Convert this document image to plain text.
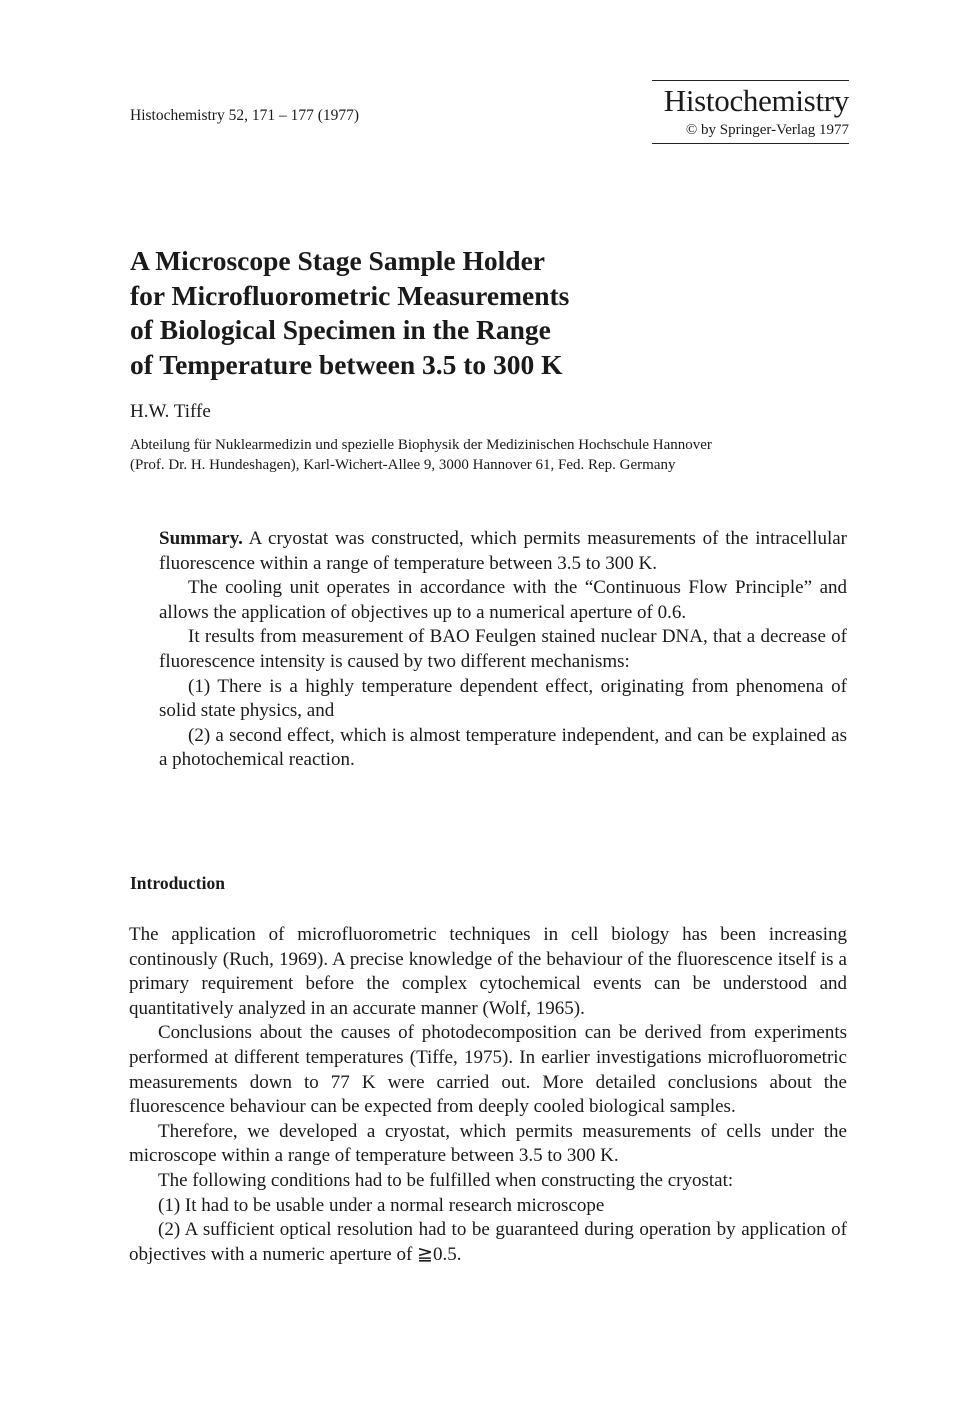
Histochemistry 52, 171 – 177 (1977)	Histochemistry
© by Springer-Verlag 1977
A Microscope Stage Sample Holder
for Microfluorometric Measurements
of Biological Specimen in the Range
of Temperature between 3.5 to 300 K
H.W. Tiffe
Abteilung für Nuklearmedizin und spezielle Biophysik der Medizinischen Hochschule Hannover
(Prof. Dr. H. Hundeshagen), Karl-Wichert-Allee 9, 3000 Hannover 61, Fed. Rep. Germany

Summary. A cryostat was constructed, which permits measurements of the intracellular fluorescence within a range of temperature between 3.5 to 300 K.

The cooling unit operates in accordance with the “Continuous Flow Principle” and allows the application of objectives up to a numerical aperture of 0.6.

It results from measurement of BAO Feulgen stained nuclear DNA, that a decrease of fluorescence intensity is caused by two different mechanisms:

(1) There is a highly temperature dependent effect, originating from phenomena of solid state physics, and

(2) a second effect, which is almost temperature independent, and can be explained as a photochemical reaction.

Introduction

The application of microfluorometric techniques in cell biology has been increasing continously (Ruch, 1969). A precise knowledge of the behaviour of the fluorescence itself is a primary requirement before the complex cytochemical events can be understood and quantitatively analyzed in an accurate manner (Wolf, 1965).

Conclusions about the causes of photodecomposition can be derived from experiments performed at different temperatures (Tiffe, 1975). In earlier investigations microfluorometric measurements down to 77 K were carried out. More detailed conclusions about the fluorescence behaviour can be expected from deeply cooled biological samples.

Therefore, we developed a cryostat, which permits measurements of cells under the microscope within a range of temperature between 3.5 to 300 K.

The following conditions had to be fulfilled when constructing the cryostat:

(1) It had to be usable under a normal research microscope

(2) A sufficient optical resolution had to be guaranteed during operation by application of objectives with a numeric aperture of ≧0.5.
